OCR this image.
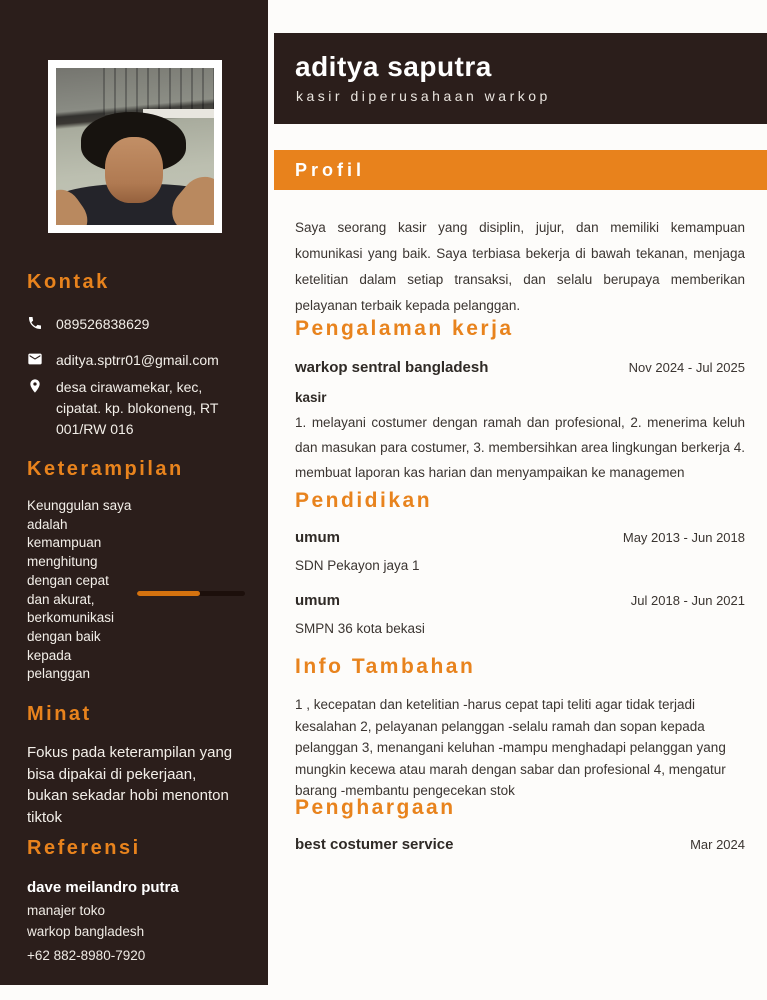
Kontak
089526838629
aditya.sptrr01@gmail.com
desa cirawamekar, kec,
cipatat. kp. blokoneng, RT
001/RW 016
Keterampilan

Keunggulan saya adalah kemampuan menghitung dengan cepat dan akurat, berkomunikasi dengan baik kepada pelanggan

Minat

Fokus pada keterampilan yang bisa dipakai di pekerjaan, bukan sekadar hobi menonton tiktok

Referensi
dave meilandro putra
manajer toko
warkop bangladesh
+62 882-8980-7920
aditya saputra
kasir diperusahaan warkop
Profil

Saya seorang kasir yang disiplin, jujur, dan memiliki kemampuan komunikasi yang baik. Saya terbiasa bekerja di bawah tekanan, menjaga ketelitian dalam setiap transaksi, dan selalu berupaya memberikan pelayanan terbaik kepada pelanggan.

Pengalaman kerja
warkop sentral bangladesh	Nov 2024 - Jul 2025
kasir

1. melayani costumer dengan ramah dan profesional, 2. menerima keluh dan masukan para costumer, 3. membersihkan area lingkungan berkerja 4. membuat laporan kas harian dan menyampaikan ke managemen

Pendidikan
umum	May 2013 - Jun 2018
SDN Pekayon jaya 1
umum	Jul 2018 - Jun 2021
SMPN 36 kota bekasi
Info Tambahan

1 , kecepatan dan ketelitian -harus cepat tapi teliti agar tidak terjadi kesalahan 2, pelayanan pelanggan -selalu ramah dan sopan kepada pelanggan 3, menangani keluhan -mampu menghadapi pelanggan yang mungkin kecewa atau marah dengan sabar dan profesional 4, mengatur barang -membantu pengecekan stok

Penghargaan
best costumer service	Mar 2024
